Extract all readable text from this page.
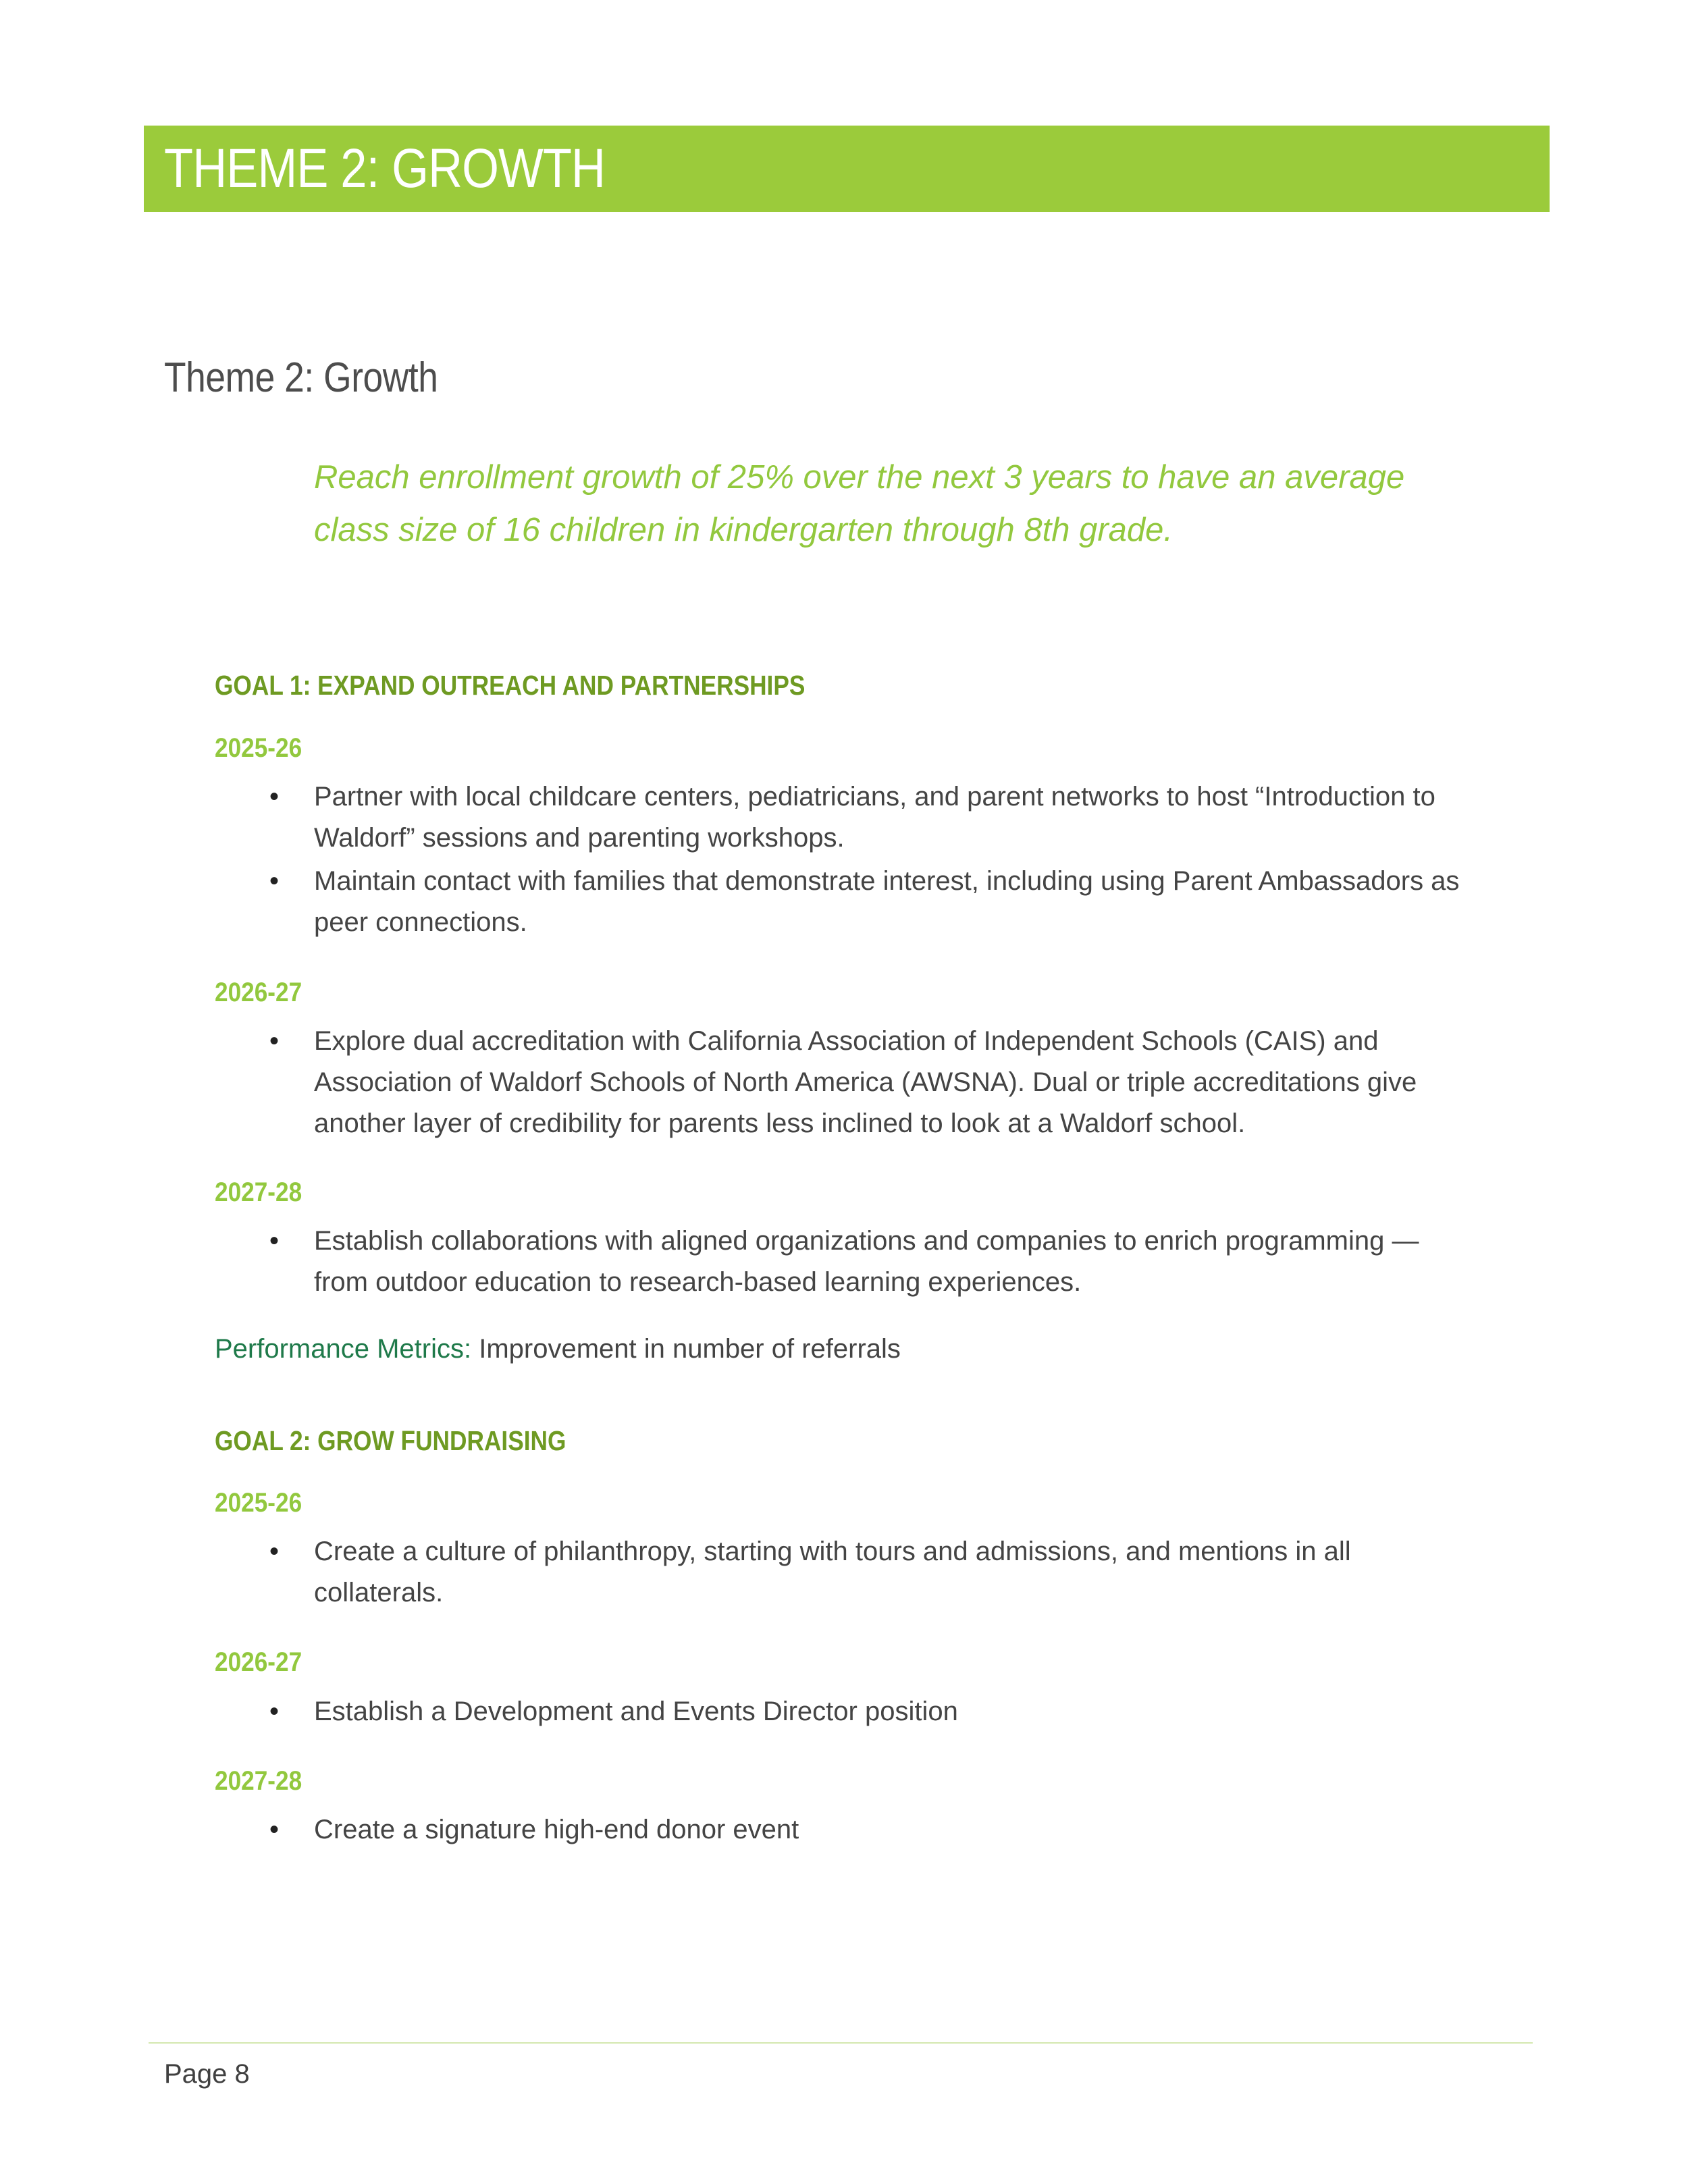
THEME 2: GROWTH
Theme 2: Growth
Reach enrollment growth of 25% over the next 3 years to have an average class size of 16 children in kindergarten through 8th grade.
GOAL 1: EXPAND OUTREACH AND PARTNERSHIPS
2025-26
• Partner with local childcare centers, pediatricians, and parent networks to host “Introduction to Waldorf” sessions and parenting workshops.
• Maintain contact with families that demonstrate interest, including using Parent Ambassadors as peer connections.
2026-27
• Explore dual accreditation with California Association of Independent Schools (CAIS) and Association of Waldorf Schools of North America (AWSNA). Dual or triple accreditations give another layer of credibility for parents less inclined to look at a Waldorf school.
2027-28
• Establish collaborations with aligned organizations and companies to enrich programming — from outdoor education to research-based learning experiences.
Performance Metrics: Improvement in number of referrals
GOAL 2: GROW FUNDRAISING
2025-26
• Create a culture of philanthropy, starting with tours and admissions, and mentions in all collaterals.
2026-27
• Establish a Development and Events Director position
2027-28
• Create a signature high-end donor event
Page 8
